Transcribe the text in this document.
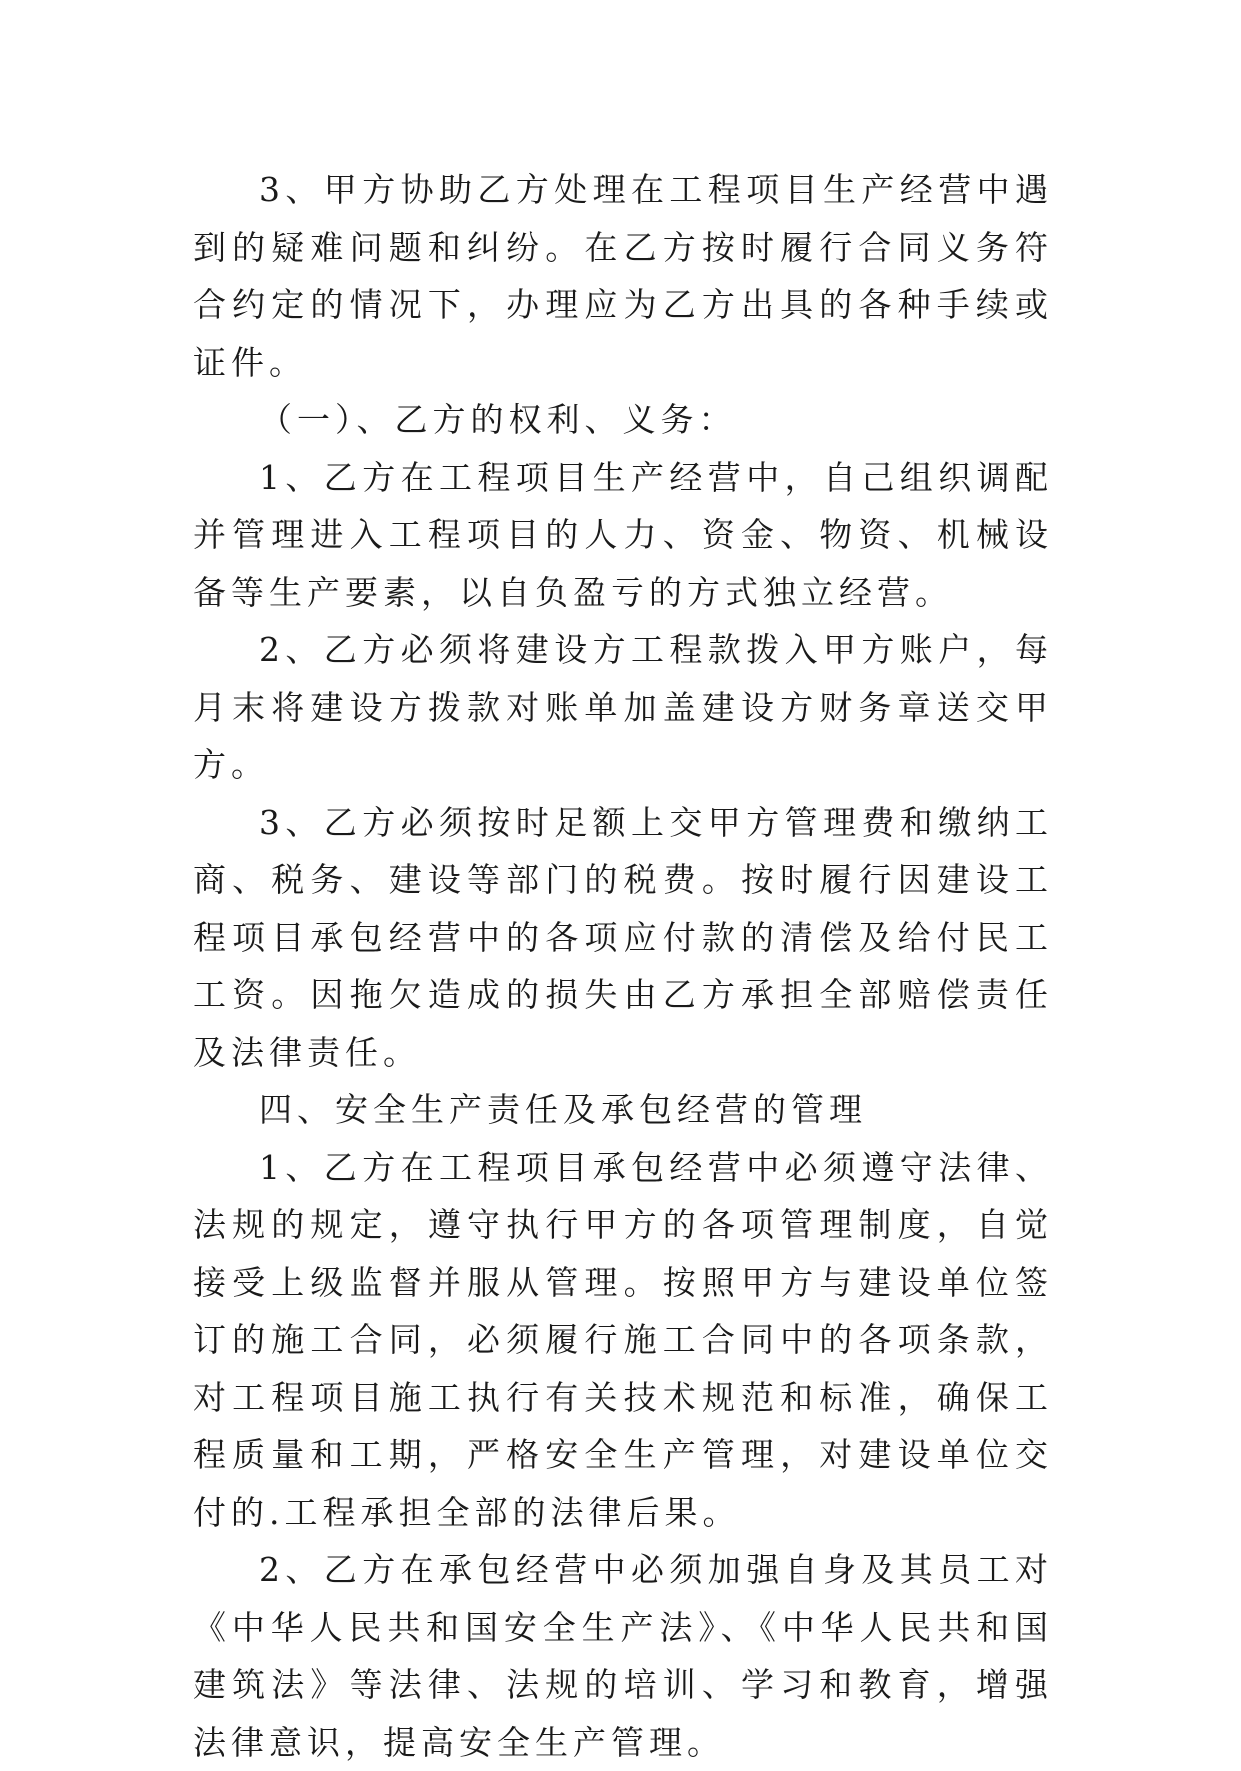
3、甲方协助乙方处理在工程项目生产经营中遇到的疑难问题和纠纷。在乙方按时履行合同义务符合约定的情况下，办理应为乙方出具的各种手续或证件。

（一）、乙方的权利、义务：

1、乙方在工程项目生产经营中，自己组织调配并管理进入工程项目的人力、资金、物资、机械设备等生产要素，以自负盈亏的方式独立经营。

2、乙方必须将建设方工程款拨入甲方账户，每月末将建设方拨款对账单加盖建设方财务章送交甲方。

3、乙方必须按时足额上交甲方管理费和缴纳工商、税务、建设等部门的税费。按时履行因建设工程项目承包经营中的各项应付款的清偿及给付民工工资。因拖欠造成的损失由乙方承担全部赔偿责任及法律责任。

四、安全生产责任及承包经营的管理

1、乙方在工程项目承包经营中必须遵守法律、法规的规定，遵守执行甲方的各项管理制度，自觉接受上级监督并服从管理。按照甲方与建设单位签订的施工合同，必须履行施工合同中的各项条款，对工程项目施工执行有关技术规范和标准，确保工程质量和工期，严格安全生产管理，对建设单位交付的.工程承担全部的法律后果。

2、乙方在承包经营中必须加强自身及其员工对《中华人民共和国安全生产法》、《中华人民共和国建筑法》等法律、法规的培训、学习和教育，增强法律意识，提高安全生产管理。
